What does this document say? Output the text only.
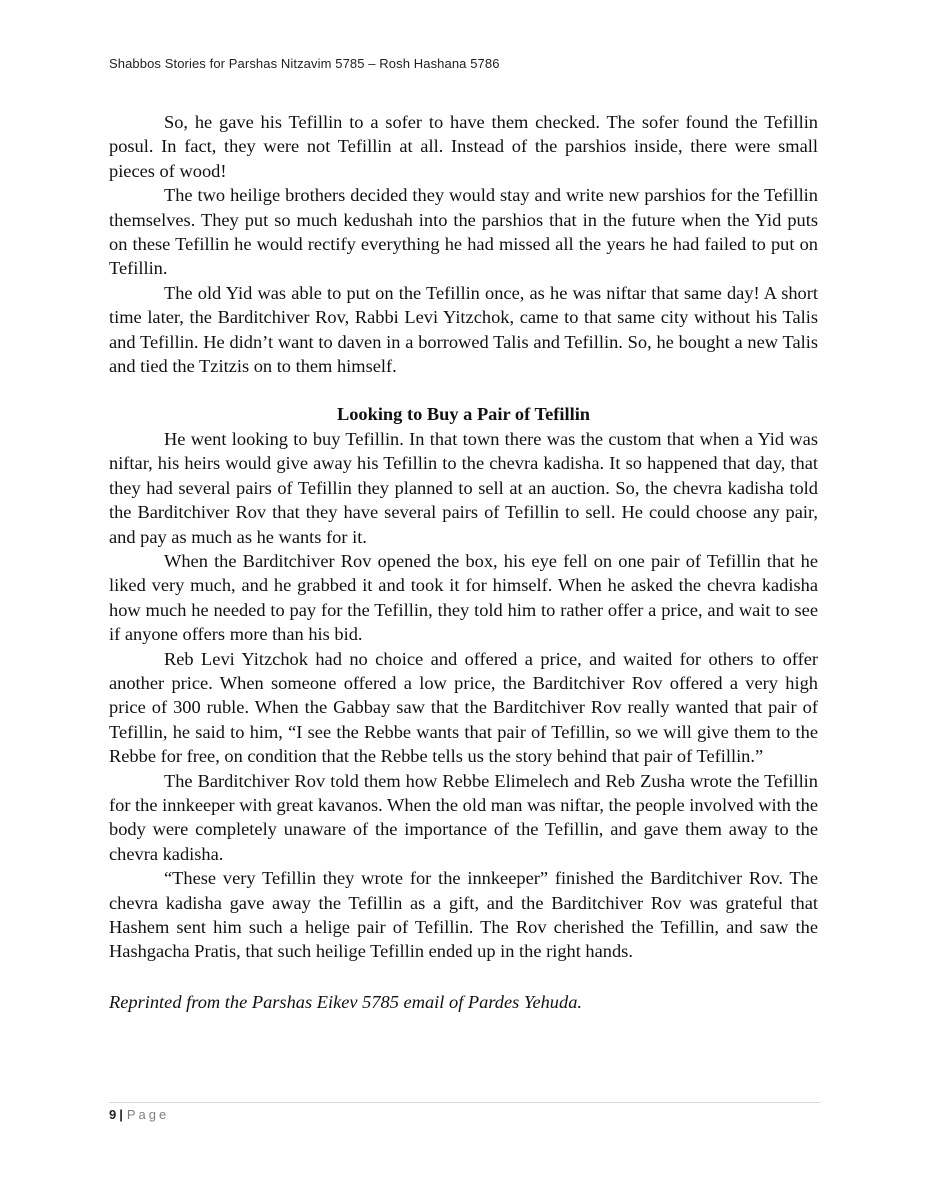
Shabbos Stories for Parshas Nitzavim 5785 – Rosh Hashana 5786

So, he gave his Tefillin to a sofer to have them checked. The sofer found the Tefillin posul. In fact, they were not Tefillin at all. Instead of the parshios inside, there were small pieces of wood!

The two heilige brothers decided they would stay and write new parshios for the Tefillin themselves. They put so much kedushah into the parshios that in the future when the Yid puts on these Tefillin he would rectify everything he had missed all the years he had failed to put on Tefillin.

The old Yid was able to put on the Tefillin once, as he was niftar that same day! A short time later, the Barditchiver Rov, Rabbi Levi Yitzchok, came to that same city without his Talis and Tefillin. He didn’t want to daven in a borrowed Talis and Tefillin. So, he bought a new Talis and tied the Tzitzis on to them himself.

Looking to Buy a Pair of Tefillin

He went looking to buy Tefillin. In that town there was the custom that when a Yid was niftar, his heirs would give away his Tefillin to the chevra kadisha. It so happened that day, that they had several pairs of Tefillin they planned to sell at an auction. So, the chevra kadisha told the Barditchiver Rov that they have several pairs of Tefillin to sell. He could choose any pair, and pay as much as he wants for it.

When the Barditchiver Rov opened the box, his eye fell on one pair of Tefillin that he liked very much, and he grabbed it and took it for himself. When he asked the chevra kadisha how much he needed to pay for the Tefillin, they told him to rather offer a price, and wait to see if anyone offers more than his bid.

Reb Levi Yitzchok had no choice and offered a price, and waited for others to offer another price. When someone offered a low price, the Barditchiver Rov offered a very high price of 300 ruble. When the Gabbay saw that the Barditchiver Rov really wanted that pair of Tefillin, he said to him, “I see the Rebbe wants that pair of Tefillin, so we will give them to the Rebbe for free, on condition that the Rebbe tells us the story behind that pair of Tefillin.”

The Barditchiver Rov told them how Rebbe Elimelech and Reb Zusha wrote the Tefillin for the innkeeper with great kavanos. When the old man was niftar, the people involved with the body were completely unaware of the importance of the Tefillin, and gave them away to the chevra kadisha.

“These very Tefillin they wrote for the innkeeper” finished the Barditchiver Rov. The chevra kadisha gave away the Tefillin as a gift, and the Barditchiver Rov was grateful that Hashem sent him such a helige pair of Tefillin. The Rov cherished the Tefillin, and saw the Hashgacha Pratis, that such heilige Tefillin ended up in the right hands.

Reprinted from the Parshas Eikev 5785 email of Pardes Yehuda.

9 | Page
